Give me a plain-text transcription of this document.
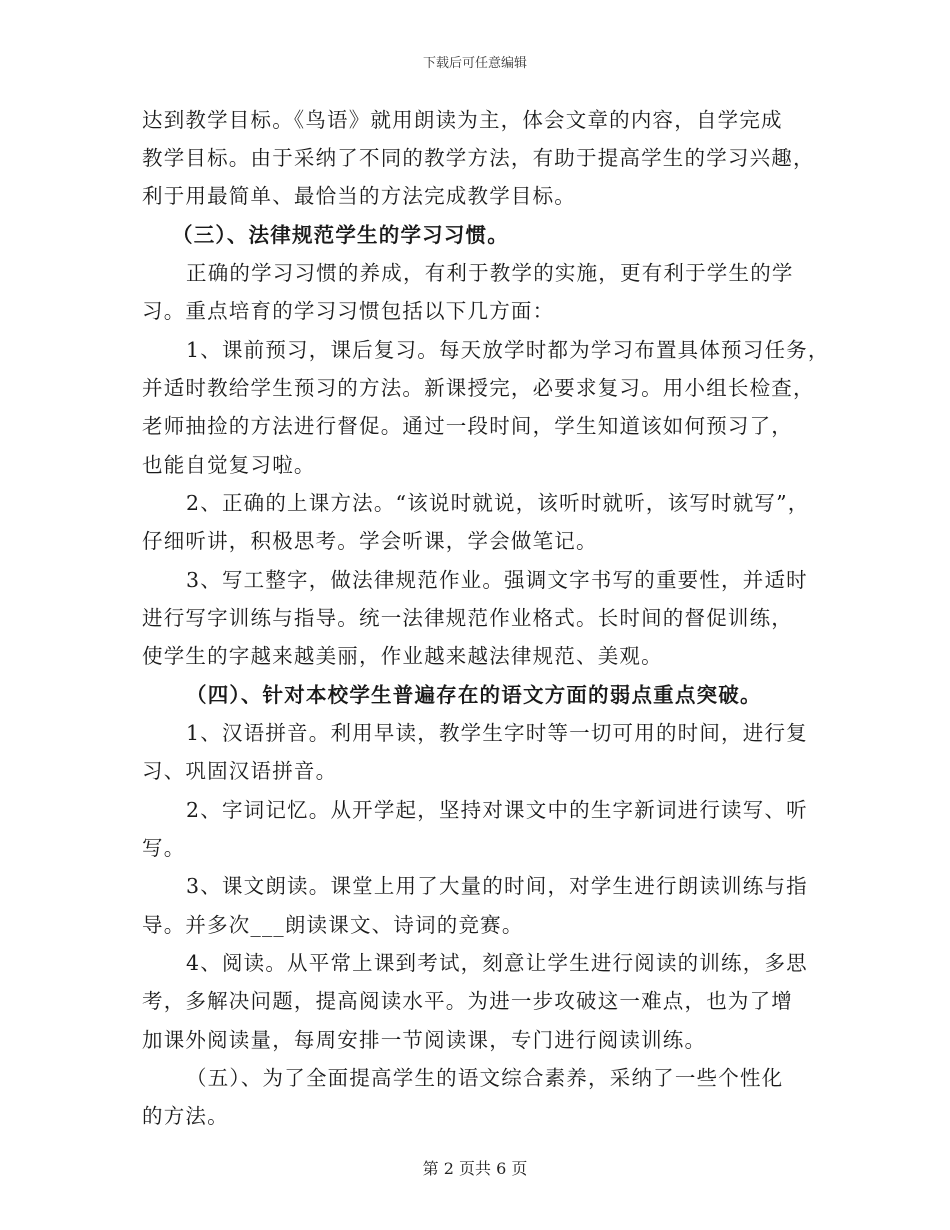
下载后可任意编辑
达到教学目标。《鸟语》就用朗读为主，体会文章的内容，自学完成
教学目标。由于采纳了不同的教学方法，有助于提高学生的学习兴趣，
利于用最简单、最恰当的方法完成教学目标。
（三）、法律规范学生的学习习惯。
正确的学习习惯的养成，有利于教学的实施，更有利于学生的学
习。重点培育的学习习惯包括以下几方面：
1、课前预习，课后复习。每天放学时都为学习布置具体预习任务，
并适时教给学生预习的方法。新课授完，必要求复习。用小组长检查，
老师抽捡的方法进行督促。通过一段时间，学生知道该如何预习了，
也能自觉复习啦。
2、正确的上课方法。“该说时就说，该听时就听，该写时就写”，
仔细听讲，积极思考。学会听课，学会做笔记。
3、写工整字，做法律规范作业。强调文字书写的重要性，并适时
进行写字训练与指导。统一法律规范作业格式。长时间的督促训练，
使学生的字越来越美丽，作业越来越法律规范、美观。
（四）、针对本校学生普遍存在的语文方面的弱点重点突破。
1、汉语拼音。利用早读，教学生字时等一切可用的时间，进行复
习、巩固汉语拼音。
2、字词记忆。从开学起，坚持对课文中的生字新词进行读写、听
写。
3、课文朗读。课堂上用了大量的时间，对学生进行朗读训练与指
导。并多次___朗读课文、诗词的竞赛。
4、阅读。从平常上课到考试，刻意让学生进行阅读的训练，多思
考，多解决问题，提高阅读水平。为进一步攻破这一难点，也为了增
加课外阅读量，每周安排一节阅读课，专门进行阅读训练。
（五）、为了全面提高学生的语文综合素养，采纳了一些个性化
的方法。
第 2 页共 6 页
